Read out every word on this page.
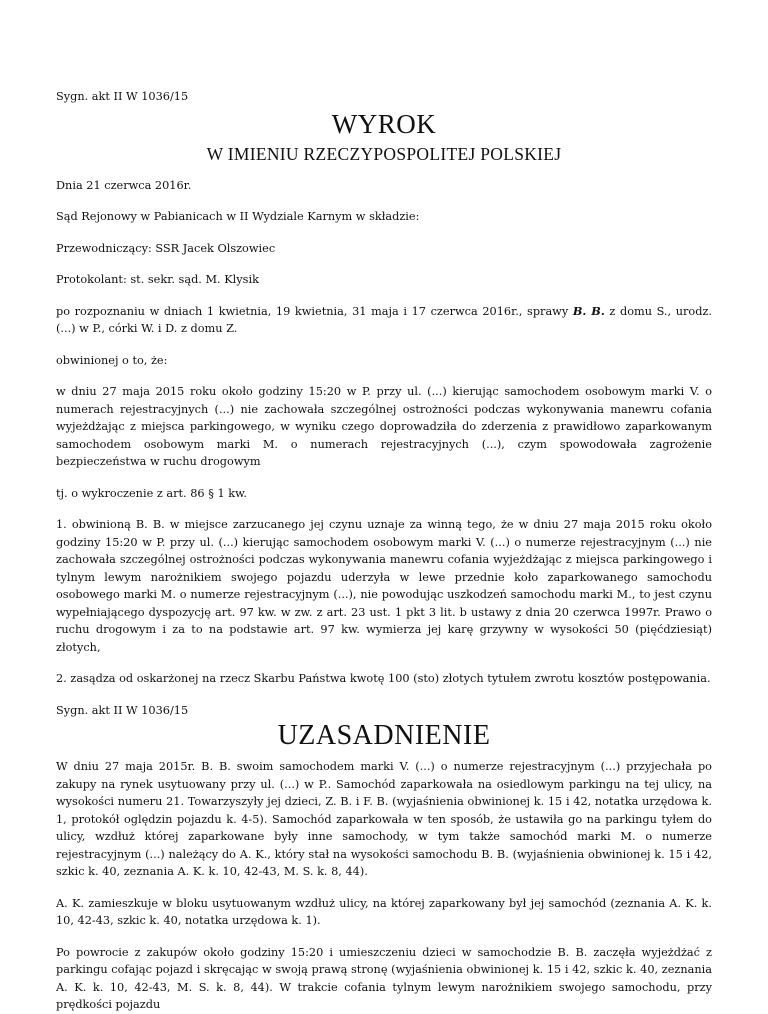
Sygn. akt II W 1036/15

WYROK
W IMIENIU RZECZYPOSPOLITEJ POLSKIEJ

Dnia 21 czerwca 2016r.

Sąd Rejonowy w Pabianicach w II Wydziale Karnym w składzie:

Przewodniczący: SSR Jacek Olszowiec

Protokolant: st. sekr. sąd. M. Klysik

po rozpoznaniu w dniach 1 kwietnia, 19 kwietnia, 31 maja i 17 czerwca 2016r., sprawy B. B. z domu S., urodz. (...) w P., córki W. i D. z domu Z.

obwinionej o to, że:

w dniu 27 maja 2015 roku około godziny 15:20 w P. przy ul. (...) kierując samochodem osobowym marki V. o numerach rejestracyjnych (...) nie zachowała szczególnej ostrożności podczas wykonywania manewru cofania wyjeżdżając z miejsca parkingowego, w wyniku czego doprowadziła do zderzenia z prawidłowo zaparkowanym samochodem osobowym marki M. o numerach rejestracyjnych (...), czym spowodowała zagrożenie bezpieczeństwa w ruchu drogowym

tj. o wykroczenie z art. 86 § 1 kw.

1. obwinioną B. B. w miejsce zarzucanego jej czynu uznaje za winną tego, że w dniu 27 maja 2015 roku około godziny 15:20 w P. przy ul. (...) kierując samochodem osobowym marki V. (...) o numerze rejestracyjnym (...) nie zachowała szczególnej ostrożności podczas wykonywania manewru cofania wyjeżdżając z miejsca parkingowego i tylnym lewym narożnikiem swojego pojazdu uderzyła w lewe przednie koło zaparkowanego samochodu osobowego marki M. o numerze rejestracyjnym (...), nie powodując uszkodzeń samochodu marki M., to jest czynu wypełniającego dyspozycję art. 97 kw. w zw. z art. 23 ust. 1 pkt 3 lit. b ustawy z dnia 20 czerwca 1997r. Prawo o ruchu drogowym i za to na podstawie art. 97 kw. wymierza jej karę grzywny w wysokości 50 (pięćdziesiąt) złotych,

2. zasądza od oskarżonej na rzecz Skarbu Państwa kwotę 100 (sto) złotych tytułem zwrotu kosztów postępowania.

Sygn. akt II W 1036/15

UZASADNIENIE

W dniu 27 maja 2015r. B. B. swoim samochodem marki V. (...) o numerze rejestracyjnym (...) przyjechała po zakupy na rynek usytuowany przy ul. (...) w P.. Samochód zaparkowała na osiedlowym parkingu na tej ulicy, na wysokości numeru 21. Towarzyszyły jej dzieci, Z. B. i F. B. (wyjaśnienia obwinionej k. 15 i 42, notatka urzędowa k. 1, protokół oględzin pojazdu k. 4-5). Samochód zaparkowała w ten sposób, że ustawiła go na parkingu tyłem do ulicy, wzdłuż której zaparkowane były inne samochody, w tym także samochód marki M. o numerze rejestracyjnym (...) należący do A. K., który stał na wysokości samochodu B. B. (wyjaśnienia obwinionej k. 15 i 42, szkic k. 40, zeznania A. K. k. 10, 42-43, M. S. k. 8, 44).

A. K. zamieszkuje w bloku usytuowanym wzdłuż ulicy, na której zaparkowany był jej samochód (zeznania A. K. k. 10, 42-43, szkic k. 40, notatka urzędowa k. 1).

Po powrocie z zakupów około godziny 15:20 i umieszczeniu dzieci w samochodzie B. B. zaczęła wyjeżdżać z parkingu cofając pojazd i skręcając w swoją prawą stronę (wyjaśnienia obwinionej k. 15 i 42, szkic k. 40, zeznania A. K. k. 10, 42-43, M. S. k. 8, 44). W trakcie cofania tylnym lewym narożnikiem swojego samochodu, przy prędkości pojazdu
